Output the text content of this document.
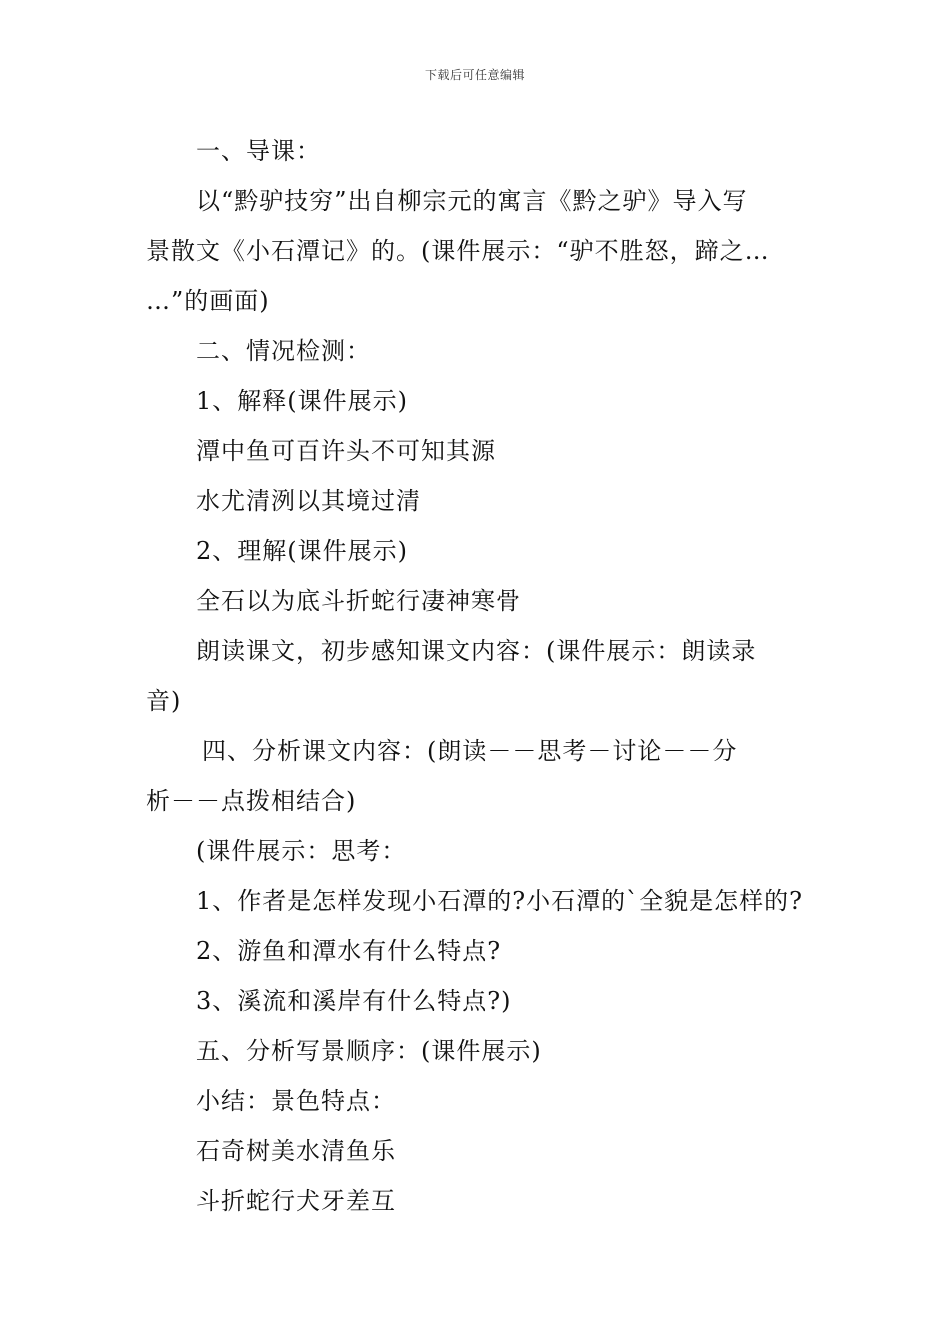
下载后可任意编辑
一、导课：
以“黔驴技穷”出自柳宗元的寓言《黔之驴》导入写
景散文《小石潭记》的。(课件展示：“驴不胜怒，蹄之…
…”的画面)
二、情况检测：
1、解释(课件展示)
潭中鱼可百许头不可知其源
水尤清洌以其境过清
2、理解(课件展示)
全石以为底斗折蛇行凄神寒骨
朗读课文，初步感知课文内容：(课件展示：朗读录
音)
四、分析课文内容：(朗读－－思考－讨论－－分
析－－点拨相结合)
(课件展示：思考：
1、作者是怎样发现小石潭的?小石潭的`全貌是怎样的?
2、游鱼和潭水有什么特点?
3、溪流和溪岸有什么特点?)
五、分析写景顺序：(课件展示)
小结：景色特点：
石奇树美水清鱼乐
斗折蛇行犬牙差互
